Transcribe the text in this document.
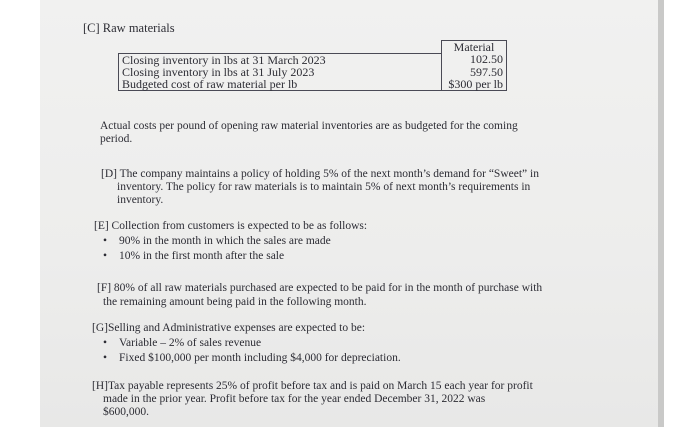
[C] Raw materials
	Material
Closing inventory in lbs at 31 March 2023	102.50
Closing inventory in lbs at 31 July 2023	597.50
Budgeted cost of raw material per lb	$300 per lb
Actual costs per pound of opening raw material inventories are as budgeted for the coming
period.
[D] The company maintains a policy of holding 5% of the next month’s demand for “Sweet” in
inventory. The policy for raw materials is to maintain 5% of next month’s requirements in
inventory.
[E] Collection from customers is expected to be as follows:
• 90% in the month in which the sales are made
• 10% in the first month after the sale
[F] 80% of all raw materials purchased are expected to be paid for in the month of purchase with
the remaining amount being paid in the following month.
[G]Selling and Administrative expenses are expected to be:
• Variable – 2% of sales revenue
• Fixed $100,000 per month including $4,000 for depreciation.
[H]Tax payable represents 25% of profit before tax and is paid on March 15 each year for profit
made in the prior year. Profit before tax for the year ended December 31, 2022 was
$600,000.
